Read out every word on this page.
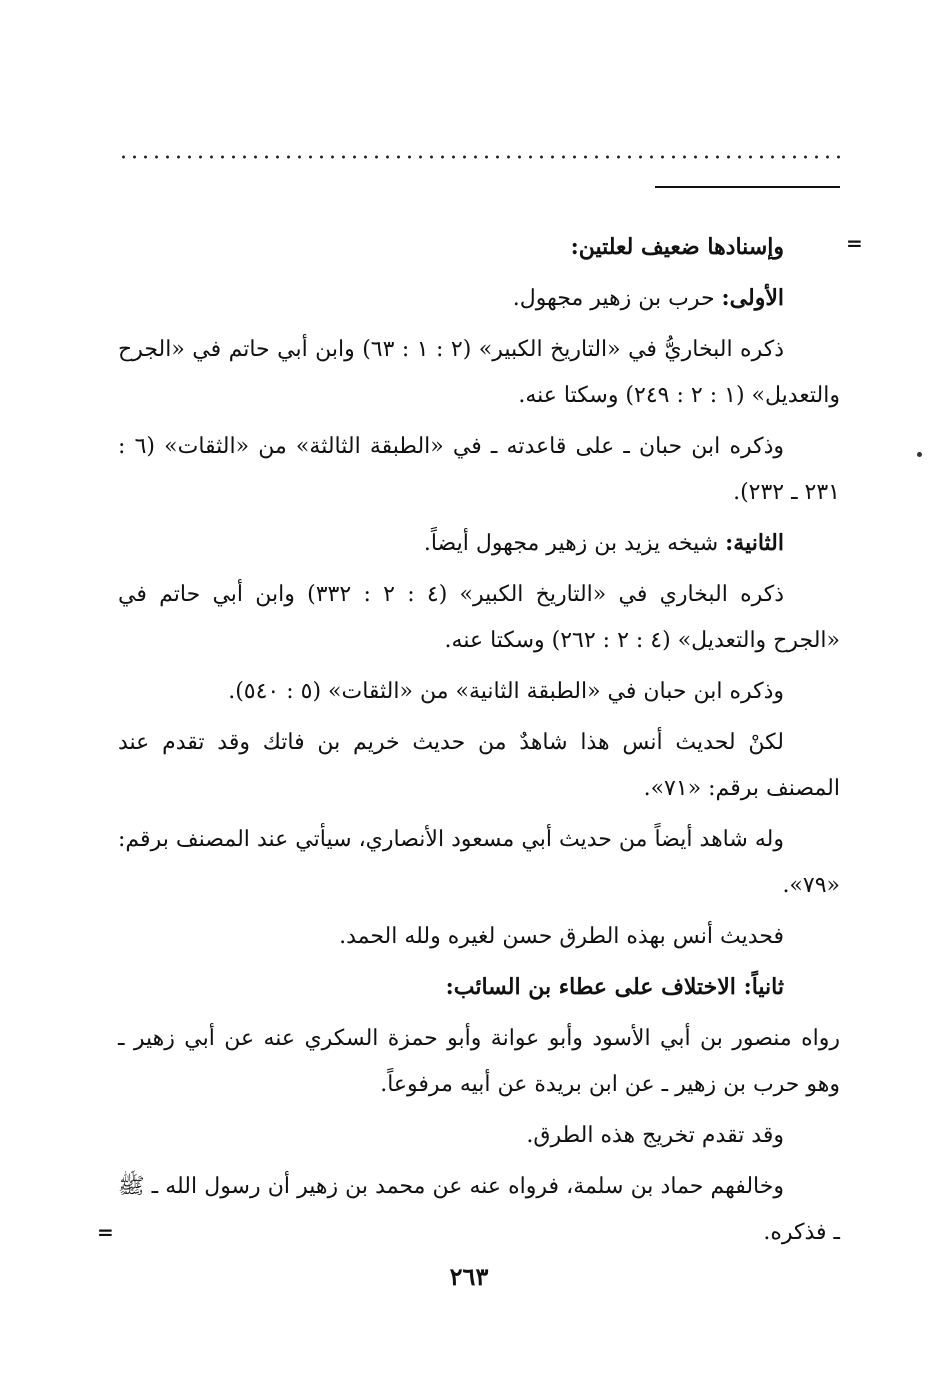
=

وإسنادها ضعيف لعلتين:

الأولى: حرب بن زهير مجهول.

ذكره البخاريُّ في «التاريخ الكبير» (٢ : ١ : ٦٣) وابن أبي حاتم في «الجرح والتعديل» (١ : ٢ : ٢٤٩) وسكتا عنه.

وذكره ابن حبان ـ على قاعدته ـ في «الطبقة الثالثة» من «الثقات» (٦ : ٢٣١ ـ ٢٣٢).

الثانية: شيخه يزيد بن زهير مجهول أيضاً.

ذكره البخاري في «التاريخ الكبير» (٤ : ٢ : ٣٣٢) وابن أبي حاتم في «الجرح والتعديل» (٤ : ٢ : ٢٦٢) وسكتا عنه.

وذكره ابن حبان في «الطبقة الثانية» من «الثقات» (٥ : ٥٤٠).

لكنْ لحديث أنس هذا شاهدٌ من حديث خريم بن فاتك وقد تقدم عند المصنف برقم: «٧١».

وله شاهد أيضاً من حديث أبي مسعود الأنصاري، سيأتي عند المصنف برقم: «٧٩».

فحديث أنس بهذه الطرق حسن لغيره ولله الحمد.

ثانياً: الاختلاف على عطاء بن السائب:

رواه منصور بن أبي الأسود وأبو عوانة وأبو حمزة السكري عنه عن أبي زهير ـ وهو حرب بن زهير ـ عن ابن بريدة عن أبيه مرفوعاً.

وقد تقدم تخريج هذه الطرق.

وخالفهم حماد بن سلمة، فرواه عنه عن محمد بن زهير أن رسول الله ـ ﷺ ـ فذكره.

=
٢٦٣
